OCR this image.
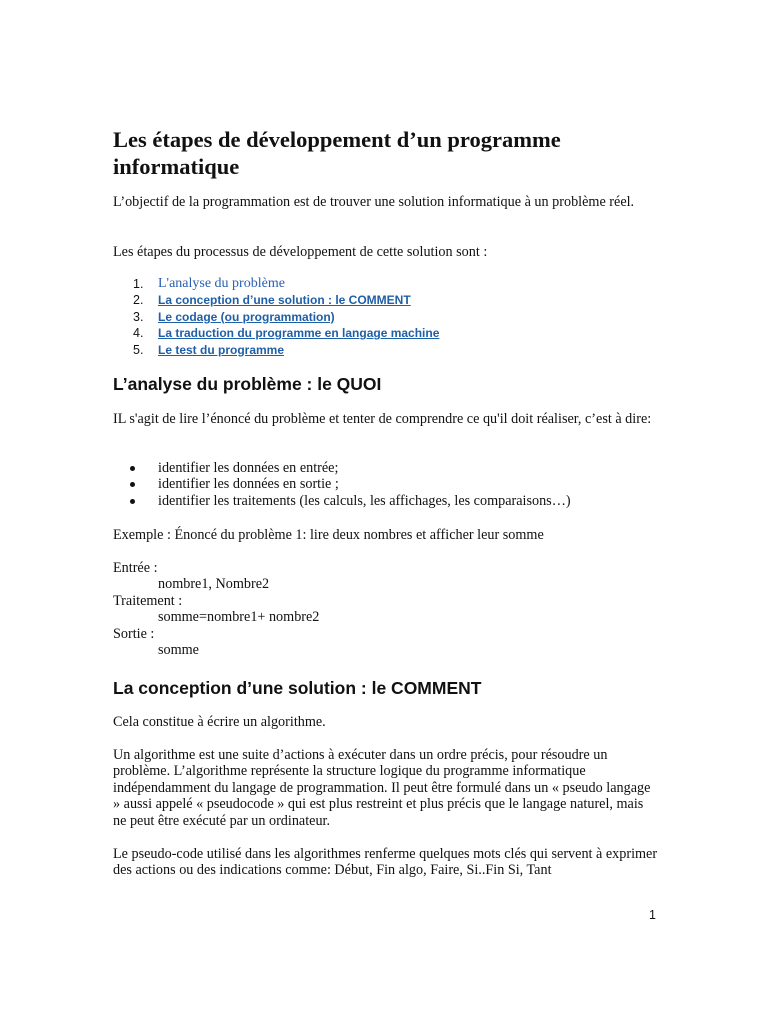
Les étapes de développement d’un programme informatique

L’objectif de la programmation est de trouver une solution informatique à un problème réel.

Les étapes du processus de développement de cette solution sont :

1. L'analyse du problème
2. La conception d’une solution : le COMMENT
3. Le codage (ou programmation)
4. La traduction du programme en langage machine
5. Le test du programme
L’analyse du problème : le QUOI

IL s'agit de lire l’énoncé du problème et tenter de comprendre ce qu'il doit réaliser, c’est à dire:

identifier les données en entrée;
identifier les données en sortie ;
identifier les traitements (les calculs, les affichages, les comparaisons…)

Exemple : Énoncé du problème 1: lire deux nombres et afficher leur somme

Entrée :

nombre1, Nombre2

Traitement :

somme=nombre1+ nombre2

Sortie :

somme

La conception d’une solution : le COMMENT

Cela constitue à écrire un algorithme.

Un algorithme est une suite d’actions à exécuter dans un ordre précis, pour résoudre un problème. L’algorithme représente la structure logique du programme informatique indépendamment du langage de programmation. Il peut être formulé dans un « pseudo langage » aussi appelé « pseudocode » qui est plus restreint et plus précis que le langage naturel, mais ne peut être exécuté par un ordinateur.

Le pseudo-code utilisé dans les algorithmes renferme quelques mots clés qui servent à exprimer des actions ou des indications comme: Début, Fin algo, Faire, Si..Fin Si, Tant

1
